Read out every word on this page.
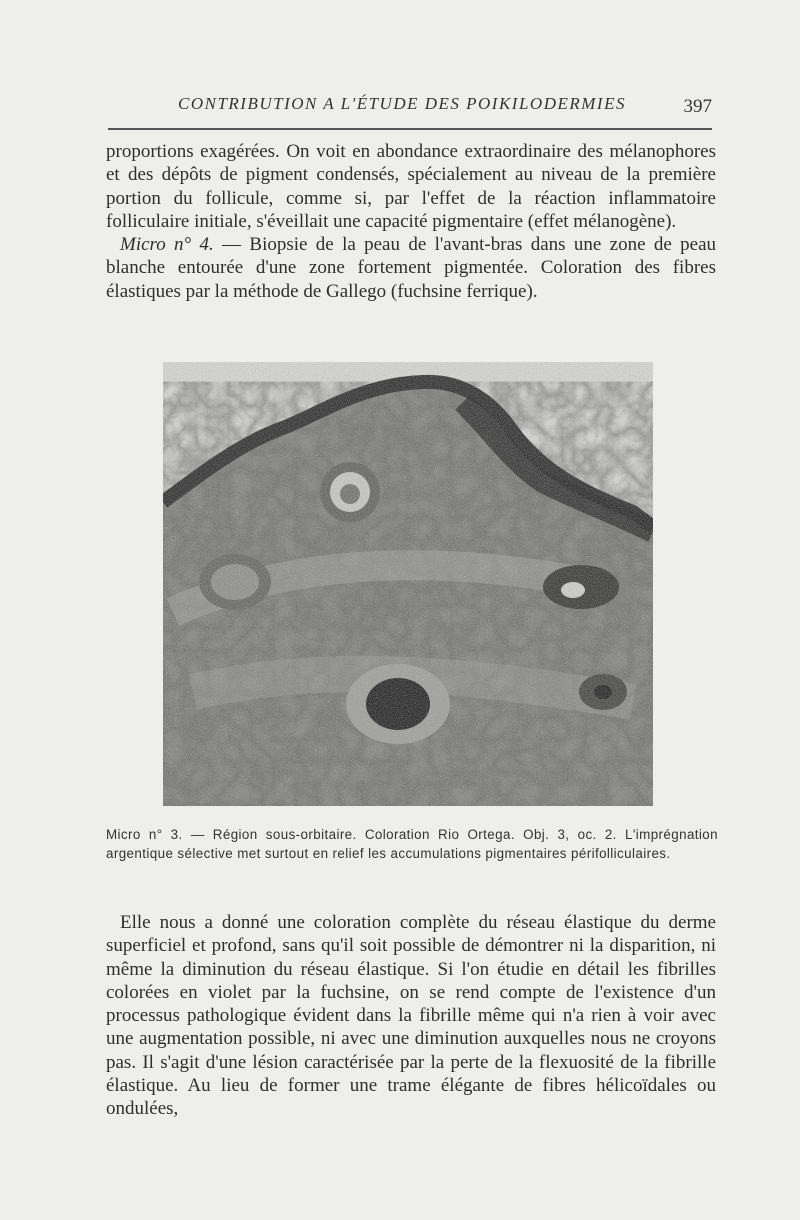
CONTRIBUTION A L'ÉTUDE DES POIKILODERMIES	397

proportions exagérées. On voit en abondance extraordinaire des mélanophores et des dépôts de pigment condensés, spécialement au niveau de la première portion du follicule, comme si, par l'effet de la réaction inflammatoire folliculaire initiale, s'éveillait une capacité pigmentaire (effet mélanogène).

Micro n° 4. — Biopsie de la peau de l'avant-bras dans une zone de peau blanche entourée d'une zone fortement pigmentée. Coloration des fibres élastiques par la méthode de Gallego (fuchsine ferrique).

Micro n° 3. — Région sous-orbitaire. Coloration Rio Ortega. Obj. 3, oc. 2. L'imprégnation argentique sélective met surtout en relief les accumulations pigmentaires périfolliculaires.

Elle nous a donné une coloration complète du réseau élastique du derme superficiel et profond, sans qu'il soit possible de démontrer ni la disparition, ni même la diminution du réseau élastique. Si l'on étudie en détail les fibrilles colorées en violet par la fuchsine, on se rend compte de l'existence d'un processus pathologique évident dans la fibrille même qui n'a rien à voir avec une augmentation possible, ni avec une diminution auxquelles nous ne croyons pas. Il s'agit d'une lésion caractérisée par la perte de la flexuosité de la fibrille élastique. Au lieu de former une trame élégante de fibres hélicoïdales ou ondulées,
